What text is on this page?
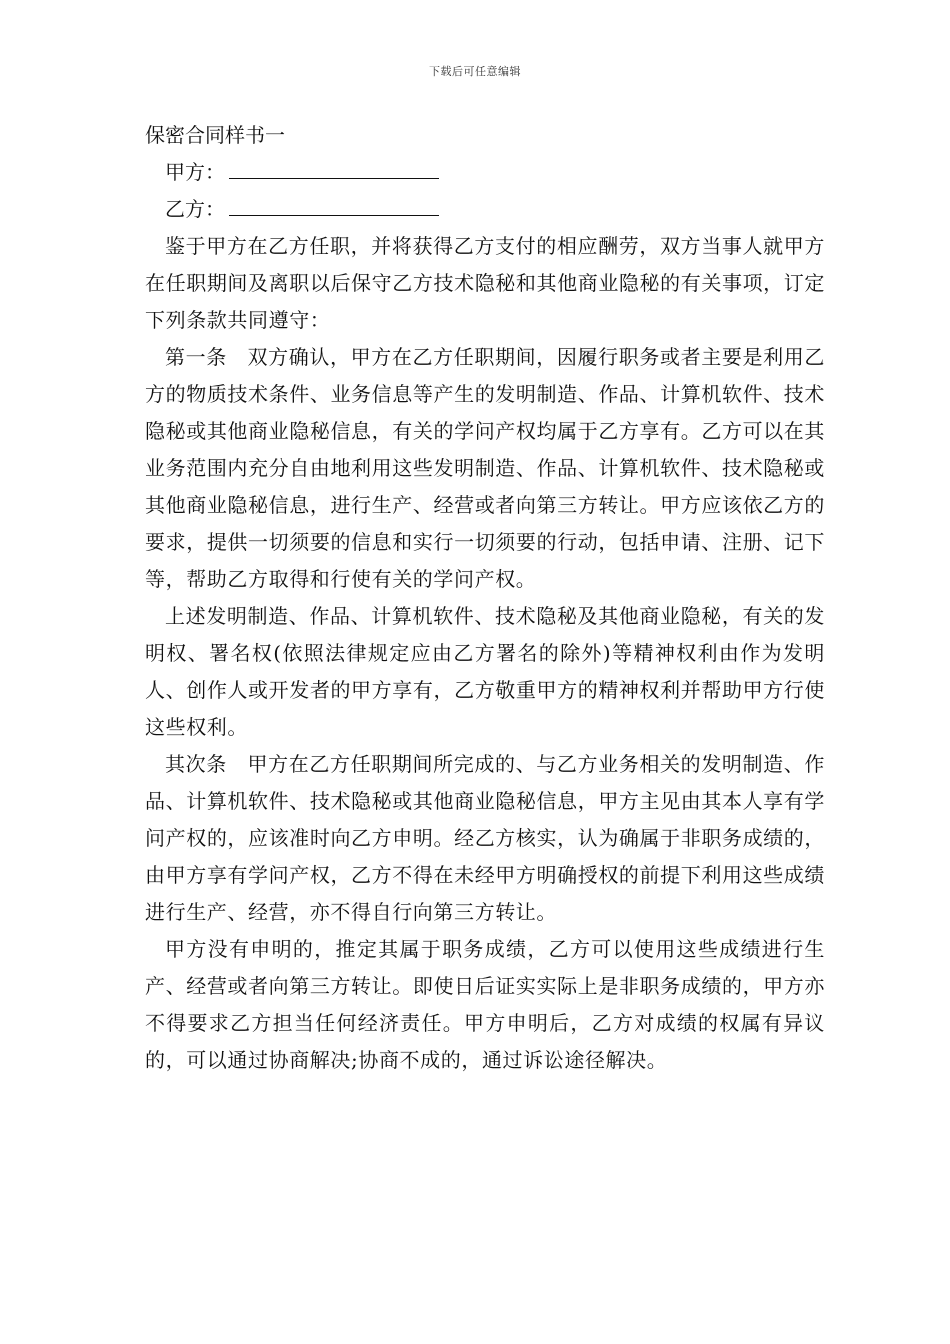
下载后可任意编辑
保密合同样书一

甲方：

乙方：

鉴于甲方在乙方任职，并将获得乙方支付的相应酬劳，双方当事人就甲方在任职期间及离职以后保守乙方技术隐秘和其他商业隐秘的有关事项，订定下列条款共同遵守：

第一条　双方确认，甲方在乙方任职期间，因履行职务或者主要是利用乙方的物质技术条件、业务信息等产生的发明制造、作品、计算机软件、技术隐秘或其他商业隐秘信息，有关的学问产权均属于乙方享有。乙方可以在其业务范围内充分自由地利用这些发明制造、作品、计算机软件、技术隐秘或其他商业隐秘信息，进行生产、经营或者向第三方转让。甲方应该依乙方的要求，提供一切须要的信息和实行一切须要的行动，包括申请、注册、记下等，帮助乙方取得和行使有关的学问产权。

上述发明制造、作品、计算机软件、技术隐秘及其他商业隐秘，有关的发明权、署名权(依照法律规定应由乙方署名的除外)等精神权利由作为发明人、创作人或开发者的甲方享有，乙方敬重甲方的精神权利并帮助甲方行使这些权利。

其次条　甲方在乙方任职期间所完成的、与乙方业务相关的发明制造、作品、计算机软件、技术隐秘或其他商业隐秘信息，甲方主见由其本人享有学问产权的，应该准时向乙方申明。经乙方核实，认为确属于非职务成绩的，由甲方享有学问产权，乙方不得在未经甲方明确授权的前提下利用这些成绩进行生产、经营，亦不得自行向第三方转让。

甲方没有申明的，推定其属于职务成绩，乙方可以使用这些成绩进行生产、经营或者向第三方转让。即使日后证实实际上是非职务成绩的，甲方亦不得要求乙方担当任何经济责任。甲方申明后，乙方对成绩的权属有异议的，可以通过协商解决;协商不成的，通过诉讼途径解决。
